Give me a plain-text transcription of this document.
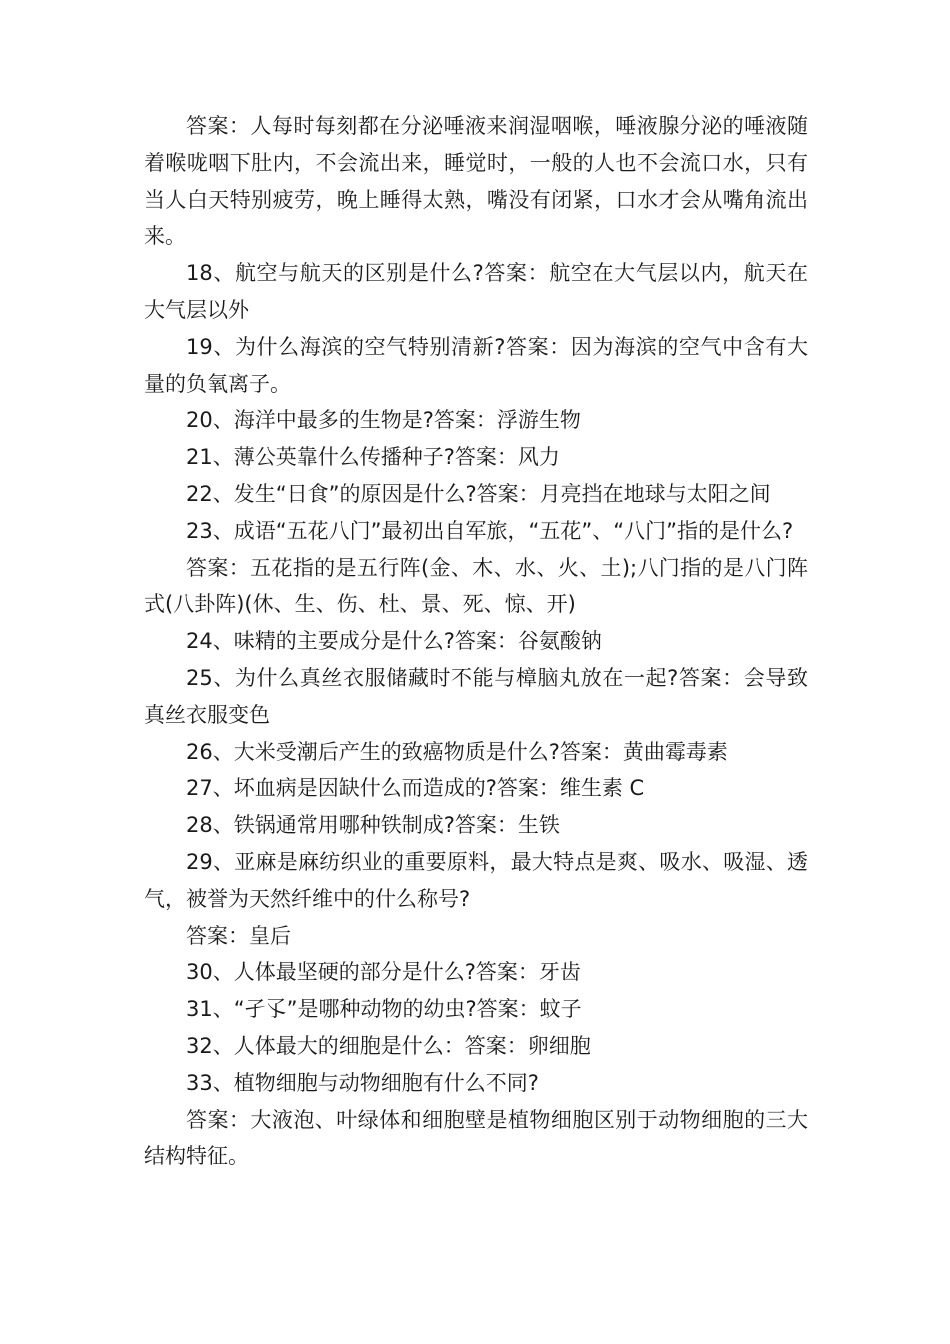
答案：人每时每刻都在分泌唾液来润湿咽喉，唾液腺分泌的唾液随着喉咙咽下肚内，不会流出来，睡觉时，一般的人也不会流口水，只有当人白天特别疲劳，晚上睡得太熟，嘴没有闭紧，口水才会从嘴角流出来。

18、航空与航天的区别是什么?答案：航空在大气层以内，航天在大气层以外

19、为什么海滨的空气特别清新?答案：因为海滨的空气中含有大量的负氧离子。

20、海洋中最多的生物是?答案：浮游生物

21、薄公英靠什么传播种子?答案：风力

22、发生“日食”的原因是什么?答案：月亮挡在地球与太阳之间

23、成语“五花八门”最初出自军旅，“五花”、“八门”指的是什么?

答案：五花指的是五行阵(金、木、水、火、土);八门指的是八门阵式(八卦阵)(休、生、伤、杜、景、死、惊、开)

24、味精的主要成分是什么?答案：谷氨酸钠

25、为什么真丝衣服储藏时不能与樟脑丸放在一起?答案：会导致真丝衣服变色

26、大米受潮后产生的致癌物质是什么?答案：黄曲霉毒素

27、坏血病是因缺什么而造成的?答案：维生素 C

28、铁锅通常用哪种铁制成?答案：生铁

29、亚麻是麻纺织业的重要原料，最大特点是爽、吸水、吸湿、透气，被誉为天然纤维中的什么称号?

答案：皇后

30、人体最坚硬的部分是什么?答案：牙齿

31、“孑孓”是哪种动物的幼虫?答案：蚊子

32、人体最大的细胞是什么：答案：卵细胞

33、植物细胞与动物细胞有什么不同?

答案：大液泡、叶绿体和细胞壁是植物细胞区别于动物细胞的三大结构特征。
